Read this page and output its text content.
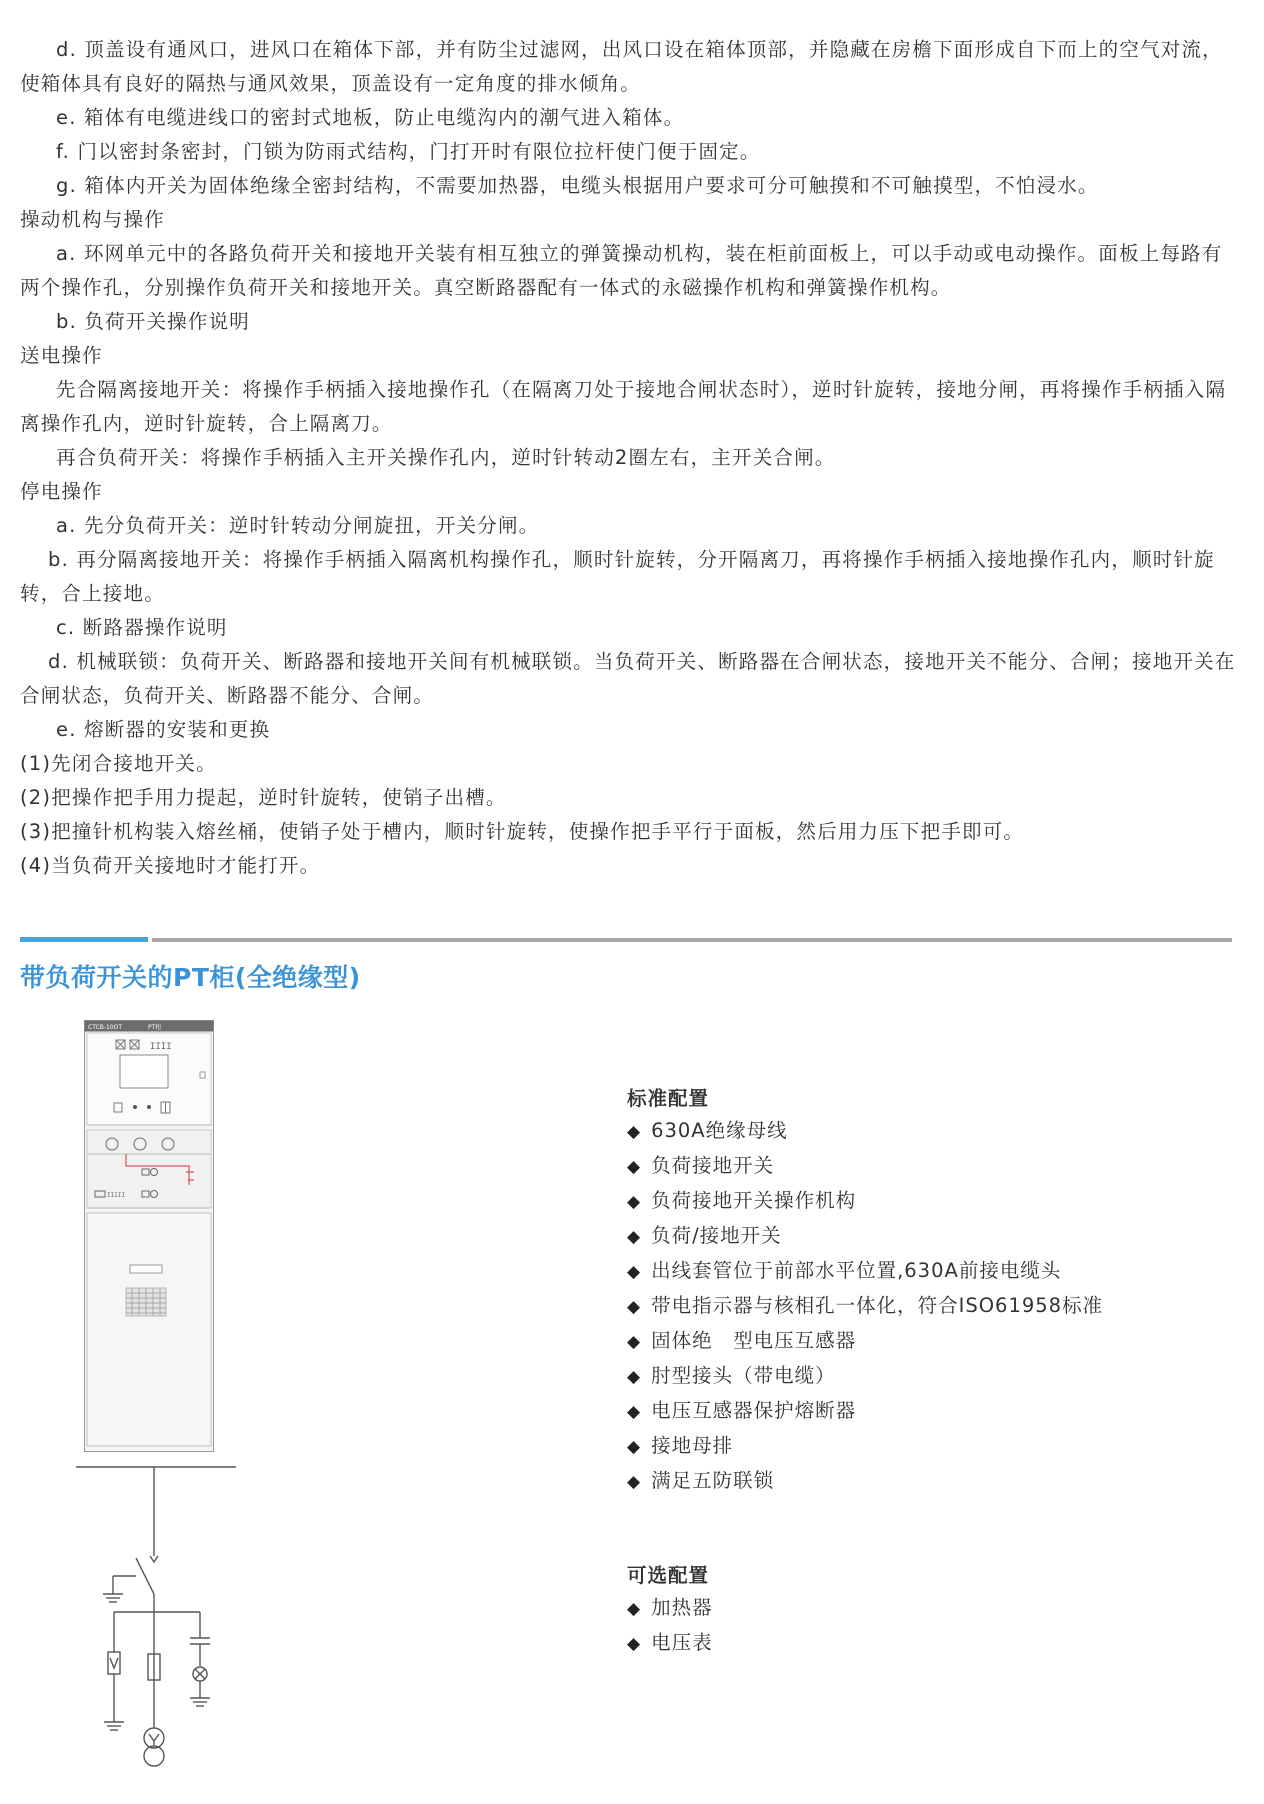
d. 顶盖设有通风口，进风口在箱体下部，并有防尘过滤网，出风口设在箱体顶部，并隐藏在房檐下面形成自下而上的空气对流，使箱体具有良好的隔热与通风效果，顶盖设有一定角度的排水倾角。

e. 箱体有电缆进线口的密封式地板，防止电缆沟内的潮气进入箱体。

f. 门以密封条密封，门锁为防雨式结构，门打开时有限位拉杆使门便于固定。

g. 箱体内开关为固体绝缘全密封结构，不需要加热器，电缆头根据用户要求可分可触摸和不可触摸型，不怕浸水。

操动机构与操作

a. 环网单元中的各路负荷开关和接地开关装有相互独立的弹簧操动机构，装在柜前面板上，可以手动或电动操作。面板上每路有两个操作孔，分别操作负荷开关和接地开关。真空断路器配有一体式的永磁操作机构和弹簧操作机构。

b. 负荷开关操作说明

送电操作

先合隔离接地开关：将操作手柄插入接地操作孔（在隔离刀处于接地合闸状态时），逆时针旋转，接地分闸，再将操作手柄插入隔离操作孔内，逆时针旋转，合上隔离刀。

再合负荷开关：将操作手柄插入主开关操作孔内，逆时针转动2圈左右，主开关合闸。

停电操作

a. 先分负荷开关：逆时针转动分闸旋扭，开关分闸。

b. 再分隔离接地开关：将操作手柄插入隔离机构操作孔，顺时针旋转，分开隔离刀，再将操作手柄插入接地操作孔内，顺时针旋 转，合上接地。

c. 断路器操作说明

d. 机械联锁：负荷开关、断路器和接地开关间有机械联锁。当负荷开关、断路器在合闸状态，接地开关不能分、合闸；接地开关在合闸状态，负荷开关、断路器不能分、合闸。

e. 熔断器的安装和更换

(1)先闭合接地开关。

(2)把操作把手用力提起，逆时针旋转，使销子出槽。

(3)把撞针机构装入熔丝桶，使销子处于槽内，顺时针旋转，使操作把手平行于面板，然后用力压下把手即可。

(4)当负荷开关接地时才能打开。

带负荷开关的PT柜(全绝缘型)
CTCB-10OT	PT柜
IIII
IIIII
标准配置
◆ 630A绝缘母线
◆ 负荷接地开关
◆ 负荷接地开关操作机构
◆ 负荷/接地开关
◆ 出线套管位于前部水平位置,630A前接电缆头
◆ 带电指示器与核相孔一体化，符合ISO61958标准
◆ 固体绝　型电压互感器
◆ 肘型接头（带电缆）
◆ 电压互感器保护熔断器
◆ 接地母排
◆ 满足五防联锁
可选配置
◆ 加热器
◆ 电压表
